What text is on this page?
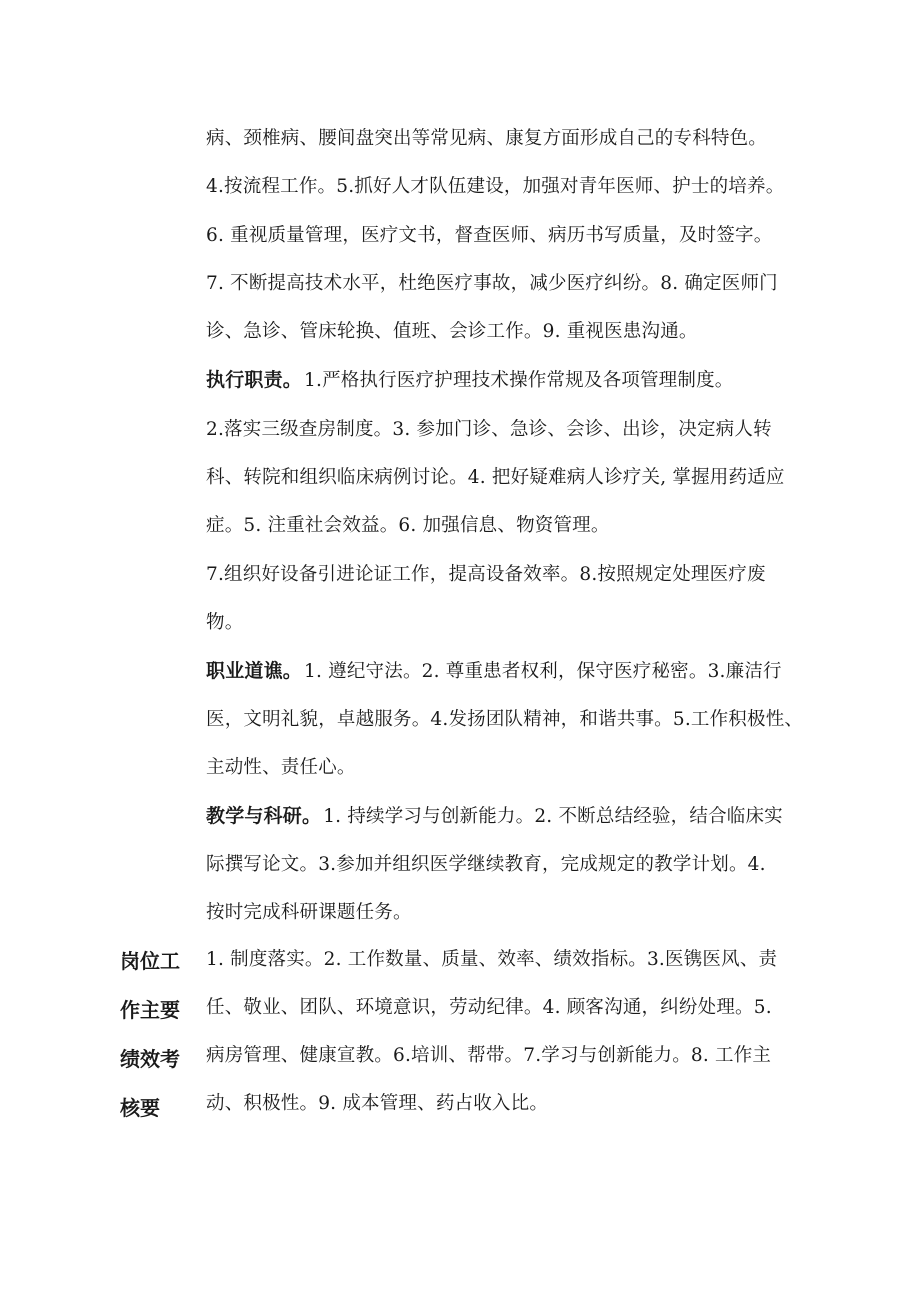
病、颈椎病、腰间盘突出等常见病、康复方面形成自己的专科特色。
4.按流程工作。5.抓好人才队伍建设，加强对青年医师、护士的培养。
6. 重视质量管理，医疗文书，督查医师、病历书写质量，及时签字。
7. 不断提高技术水平，杜绝医疗事故，减少医疗纠纷。8. 确定医师门
诊、急诊、管床轮换、值班、会诊工作。9. 重视医患沟通。
执行职责。 1.严格执行医疗护理技术操作常规及各项管理制度。
2.落实三级查房制度。3. 参加门诊、急诊、会诊、出诊，决定病人转
科、转院和组织临床病例讨论。4. 把好疑难病人诊疗关, 掌握用药适应
症。5. 注重社会效益。6. 加强信息、物资管理。
7.组织好设备引进论证工作，提高设备效率。8.按照规定处理医疗废
物。
职业道谯。 1. 遵纪守法。2. 尊重患者权利，保守医疗秘密。3.廉洁行
医，文明礼貌，卓越服务。4.发扬团队精神，和谐共事。5.工作积极性、
主动性、责任心。
教学与科研。 1. 持续学习与创新能力。2. 不断总结经验，结合临床实
际撰写论文。3.参加并组织医学继续教育，完成规定的教学计划。4.
按时完成科研课题任务。
岗位工
作主要
绩效考
核要
1. 制度落实。2. 工作数量、质量、效率、绩效指标。3.医镌医风、责
任、敬业、团队、环境意识，劳动纪律。4. 顾客沟通，纠纷处理。5.
病房管理、健康宣教。6.培训、帮带。7.学习与创新能力。8. 工作主
动、积极性。9. 成本管理、药占收入比。
